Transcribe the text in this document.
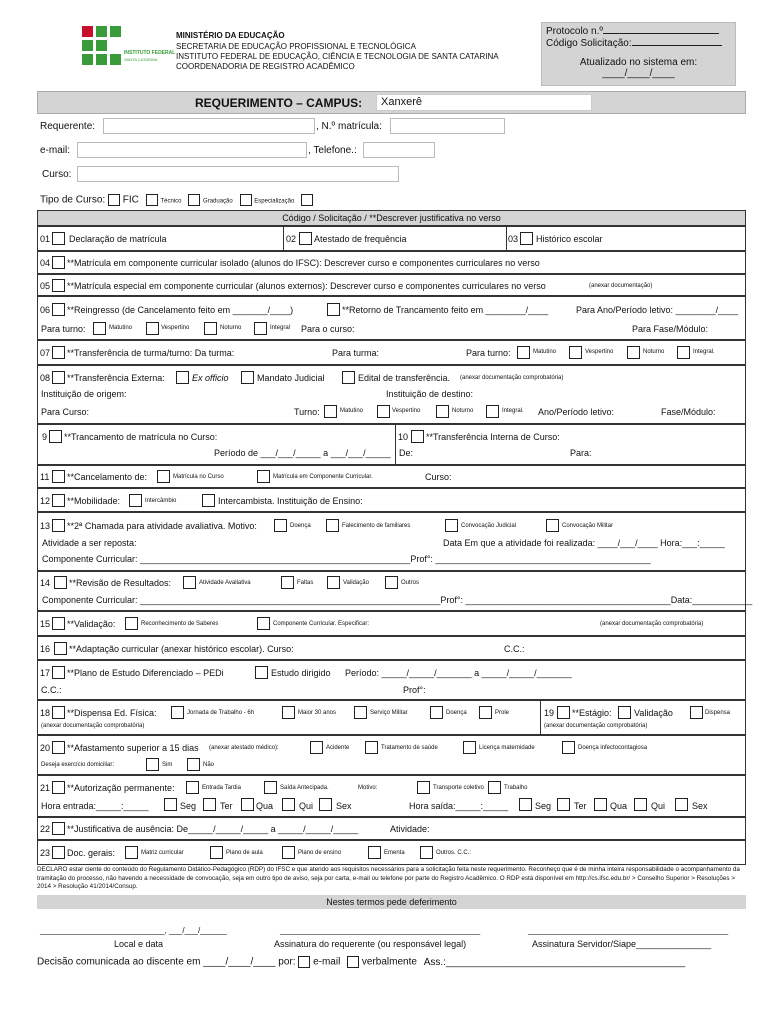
INSTITUTO FEDERAL
SANTA CATARINA
MINISTÉRIO DA EDUCAÇÃO
SECRETARIA DE EDUCAÇÃO PROFISSIONAL E TECNOLÓGICA
INSTITUTO FEDERAL DE EDUCAÇÃO, CIÊNCIA E TECNOLOGIA DE SANTA CATARINA
COORDENADORIA DE REGISTRO ACADÊMICO
Protocolo n.º
Código Solicitação:
Atualizado no sistema em:
____/____/____
REQUERIMENTO – CAMPUS: Xanxerê
Requerente:	, N.º matrícula:
e-mail:	, Telefone.:
Curso:
Tipo de Curso: FIC	Técnico	Graduação	Especialização
Código / Solicitação / **Descrever justificativa no verso
01 Declaração de matrícula	02 Atestado de frequência	03 Histórico escolar
04 **Matrícula em componente curricular isolado (alunos do IFSC): Descrever curso e componentes curriculares no verso
05 **Matrícula especial em componente curricular (alunos externos): Descrever curso e componentes curriculares no verso	(anexar documentação)
06 **Reingresso (de Cancelamento feito em _______/____)	**Retorno de Trancamento feito em ________/____	Para Ano/Período letivo: ________/____
Para turno:	Matutino	Vespertino	Noturno	Integral Para o curso:	Para Fase/Módulo:
07 **Transferência de turma/turno: Da turma:	Para turma:	Para turno:	Matutino	Vespertino	Noturno	Integral.
08 **Transferência Externa:	Ex officio	Mandato Judicial	Edital de transferência. (anexar documentação comprobatória)
Instituição de origem:	Instituição de destino:
Para Curso:	Turno:	Matutino	Vespertino	Noturno	Integral. Ano/Período letivo:	Fase/Módulo:
9 **Trancamento de matrícula no Curso:
Período de ___/___/_____ a ___/___/_____
10 **Transferência Interna de Curso:
De:	Para:
11 **Cancelamento de:	Matrícula no Curso	Matrícula em Componente Curricular.	Curso:
12 **Mobilidade:	Intercâmbio	Intercambista. Instituição de Ensino:
13 **2ª Chamada para atividade avaliativa. Motivo:	Doença	Falecimento de familiares	Convocação Judicial	Convocação Militar
Atividade a ser reposta:	Data Em que a atividade foi realizada: ____/___/____ Hora:___:_____
Componente Curricular: ______________________________________________________Prof°: ___________________________________________
14 **Revisão de Resultados:	Atividade Avaliativa	Faltas	Validação	Outros
Componente Curricular: ____________________________________________________________Prof°: _________________________________________Data:____________
15 **Validação:	Reconhecimento de Saberes	Componente Curricular. Especificar:	(anexar documentação comprobatória)
16 **Adaptação curricular (anexar histórico escolar). Curso:	C.C.:
17 **Plano de Estudo Diferenciado – PEDi	Estudo dirigido Período: _____/_____/_______ a _____/_____/_______
C.C.:	Prof°:
18 **Dispensa Ed. Física:	Jornada de Trabalho - 6h	Maior 30 anos	Serviço Militar	Doença	Prole
(anexar documentação comprobatória)
19 **Estágio: Validação	Dispensa
(anexar documentação comprobatória)
20 **Afastamento superior a 15 dias (anexar atestado médico):	Acidente	Tratamento de saúde	Licença maternidade	Doença infectocontagiosa
Deseja exercício domiciliar:	Sim	Não
21 **Autorização permanente:	Entrada Tardia	Saída Antecipada.	Motivo:	Transporte coletivo	Trabalho
Hora entrada:_____:_____	Seg	Ter	Qua	Qui	Sex	Hora saída:_____:_____	Seg	Ter	Qua	Qui	Sex
22 **Justificativa de ausência: De_____/_____/_____ a _____/_____/_____	Atividade:
23 Doc. gerais:	Matriz curricular	Plano de aula	Plano de ensino	Ementa	Outros. C.C.:
DECLARO estar ciente do conteúdo do Regulamento Didático-Pedagógico (RDP) do IFSC e que atendo aos requisitos necessários para a solicitação feita neste requerimento. Reconheço que é de minha inteira responsabilidade o acompanhamento da tramitação do processo, não havendo a necessidade de convocação, seja em outro tipo de aviso, seja por carta, e-mail ou telefone por parte do Registro Acadêmico. O RDP está disponível em http://cs.ifsc.edu.br/ > Conselho Superior > Resoluções > 2014 > Resolução 41/2014/Consup.
Nestes termos pede deferimento
____________________________, ___/___/______
Local e data
_____________________________________________
Assinatura do requerente (ou responsável legal)
_____________________________________________
Assinatura Servidor/Siape_______________
Decisão comunicada ao discente em ____/____/____ por: e-mail verbalmente Ass.:___________________________________________
